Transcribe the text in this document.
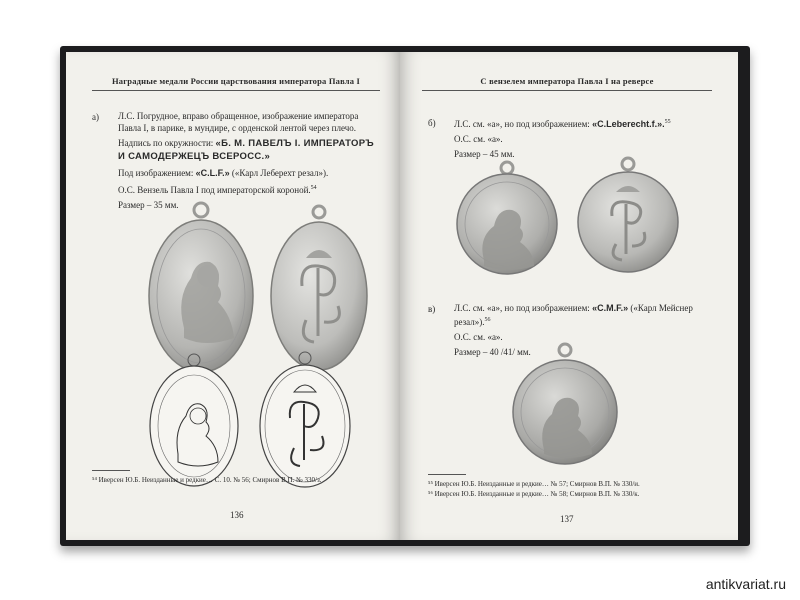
Наградные медали России царствования императора Павла I
а) Л.С. Погрудное, вправо обращенное, изображение императора Павла I, в парике, в мундире, с орденской лентой через плечо.

Надпись по окружности: «Б. М. ПАВЕЛЪ I. ИМПЕРАТОРЪ И САМОДЕРЖЕЦЪ ВСЕРОСС.»

Под изображением: «C.L.F.» («Карл Леберехт резал»).

О.С. Вензель Павла I под императорской короной.$^{54}$

Размер – 35 мм.

⁵⁴ Иверсен Ю.Б. Неизданные и редкие… С. 10. № 56; Смирнов В.П. № 330/з.
136
С вензелем императора Павла I на реверсе
б) Л.С. см. «а», но под изображением: «C.Leberecht.f.».$^{55}$

О.С. см. «а».

Размер – 45 мм.

в) Л.С. см. «а», но под изображением: «C.M.F.» («Карл Мейснер резал»).$^{56}$

О.С. см. «а».

Размер – 40 /41/ мм.

⁵⁵ Иверсен Ю.Б. Неизданные и редкие… № 57; Смирнов В.П. № 330/и.
⁵⁶ Иверсен Ю.Б. Неизданные и редкие… № 58; Смирнов В.П. № 330/к.
137
antikvariat.ru
